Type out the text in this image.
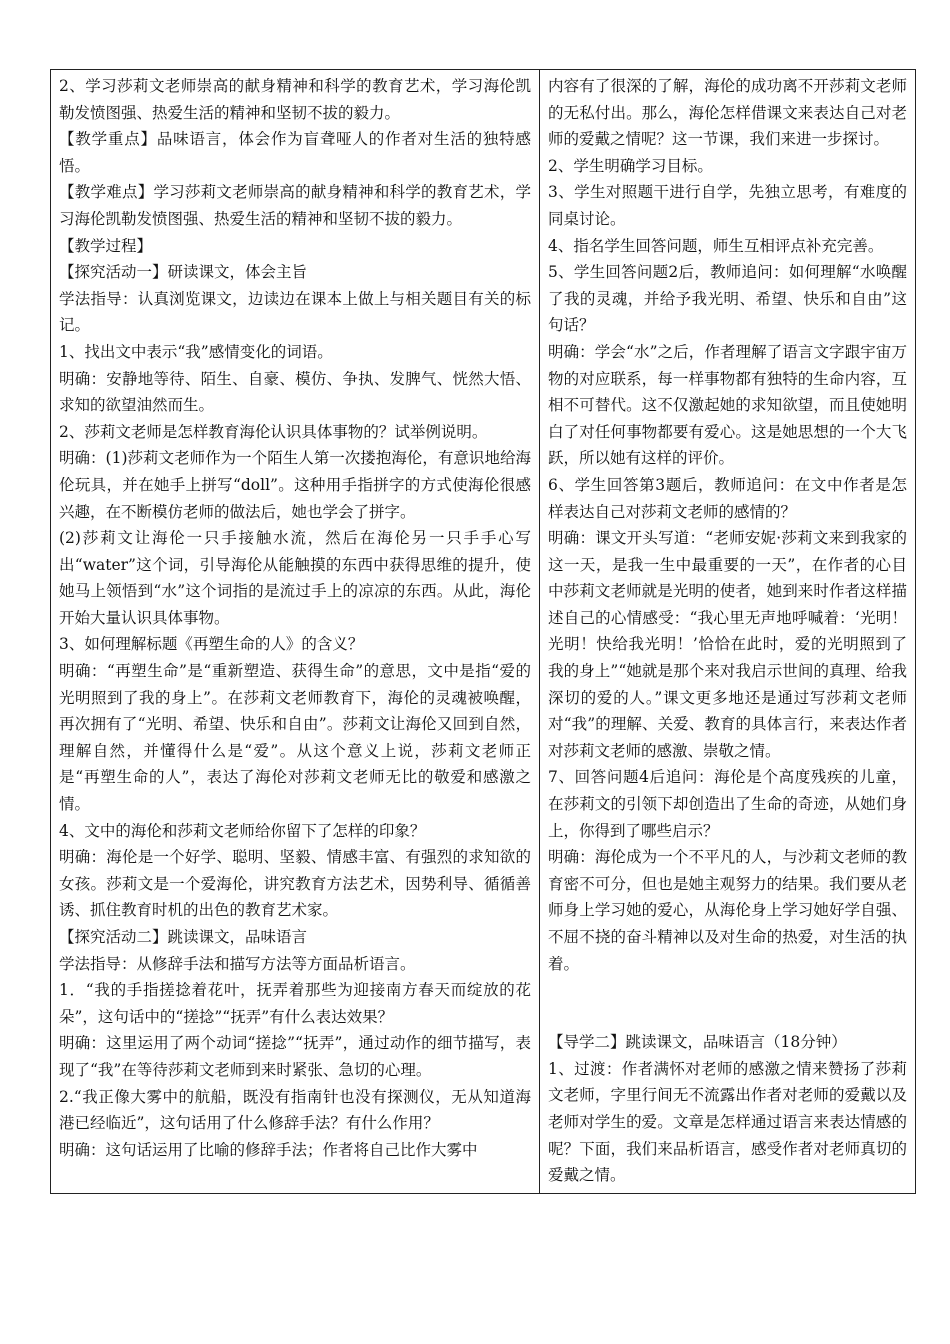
2、学习莎莉文老师崇高的献身精神和科学的教育艺术，学习海伦凯勒发愤图强、热爱生活的精神和坚韧不拔的毅力。

【教学重点】品味语言，体会作为盲聋哑人的作者对生活的独特感悟。

【教学难点】学习莎莉文老师崇高的献身精神和科学的教育艺术，学习海伦凯勒发愤图强、热爱生活的精神和坚韧不拔的毅力。

【教学过程】

【探究活动一】研读课文，体会主旨

学法指导：认真浏览课文，边读边在课本上做上与相关题目有关的标记。

1、找出文中表示“我”感情变化的词语。

明确：安静地等待、陌生、自豪、模仿、争执、发脾气、恍然大悟、求知的欲望油然而生。

2、莎莉文老师是怎样教育海伦认识具体事物的？试举例说明。

明确：(1)莎莉文老师作为一个陌生人第一次搂抱海伦，有意识地给海伦玩具，并在她手上拼写“doll”。这种用手指拼字的方式使海伦很感兴趣，在不断模仿老师的做法后，她也学会了拼字。

(2)莎莉文让海伦一只手接触水流，然后在海伦另一只手手心写出“water”这个词，引导海伦从能触摸的东西中获得思维的提升，使她马上领悟到“水”这个词指的是流过手上的凉凉的东西。从此，海伦开始大量认识具体事物。

3、如何理解标题《再塑生命的人》的含义？

明确：“再塑生命”是“重新塑造、获得生命”的意思，文中是指“爱的光明照到了我的身上”。在莎莉文老师教育下，海伦的灵魂被唤醒，再次拥有了“光明、希望、快乐和自由”。莎莉文让海伦又回到自然，理解自然，并懂得什么是“爱”。从这个意义上说，莎莉文老师正是“再塑生命的人”，表达了海伦对莎莉文老师无比的敬爱和感激之情。

4、文中的海伦和莎莉文老师给你留下了怎样的印象？

明确：海伦是一个好学、聪明、坚毅、情感丰富、有强烈的求知欲的女孩。莎莉文是一个爱海伦，讲究教育方法艺术，因势利导、循循善诱、抓住教育时机的出色的教育艺术家。

【探究活动二】跳读课文，品味语言

学法指导：从修辞手法和描写方法等方面品析语言。

1．“我的手指搓捻着花叶，抚弄着那些为迎接南方春天而绽放的花朵”，这句话中的“搓捻”“抚弄”有什么表达效果？

明确：这里运用了两个动词“搓捻”“抚弄”，通过动作的细节描写，表现了“我”在等待莎莉文老师到来时紧张、急切的心理。

2.“我正像大雾中的航船，既没有指南针也没有探测仪，无从知道海港已经临近”，这句话用了什么修辞手法？有什么作用？

明确：这句话运用了比喻的修辞手法；作者将自己比作大雾中

内容有了很深的了解，海伦的成功离不开莎莉文老师的无私付出。那么，海伦怎样借课文来表达自己对老师的爱戴之情呢？这一节课，我们来进一步探讨。

2、学生明确学习目标。

3、学生对照题干进行自学，先独立思考，有难度的同桌讨论。

4、指名学生回答问题，师生互相评点补充完善。

5、学生回答问题2后，教师追问：如何理解“水唤醒了我的灵魂，并给予我光明、希望、快乐和自由”这句话？

明确：学会“水”之后，作者理解了语言文字跟宇宙万物的对应联系，每一样事物都有独特的生命内容，互相不可替代。这不仅激起她的求知欲望，而且使她明白了对任何事物都要有爱心。这是她思想的一个大飞跃，所以她有这样的评价。

6、学生回答第3题后，教师追问：在文中作者是怎样表达自己对莎莉文老师的感情的？

明确：课文开头写道：“老师安妮·莎莉文来到我家的这一天，是我一生中最重要的一天”，在作者的心目中莎莉文老师就是光明的使者，她到来时作者这样描述自己的心情感受：“我心里无声地呼喊着：‘光明！光明！快给我光明！’恰恰在此时，爱的光明照到了我的身上”“她就是那个来对我启示世间的真理、给我深切的爱的人。”课文更多地还是通过写莎莉文老师对“我”的理解、关爱、教育的具体言行，来表达作者对莎莉文老师的感激、崇敬之情。

7、回答问题4后追问：海伦是个高度残疾的儿童，在莎莉文的引领下却创造出了生命的奇迹，从她们身上，你得到了哪些启示？

明确：海伦成为一个不平凡的人，与沙莉文老师的教育密不可分，但也是她主观努力的结果。我们要从老师身上学习她的爱心，从海伦身上学习她好学自强、不屈不挠的奋斗精神以及对生命的热爱，对生活的执着。

【导学二】跳读课文，品味语言（18分钟）

1、过渡：作者满怀对老师的感激之情来赞扬了莎莉文老师，字里行间无不流露出作者对老师的爱戴以及老师对学生的爱。文章是怎样通过语言来表达情感的呢？下面，我们来品析语言，感受作者对老师真切的爱戴之情。
